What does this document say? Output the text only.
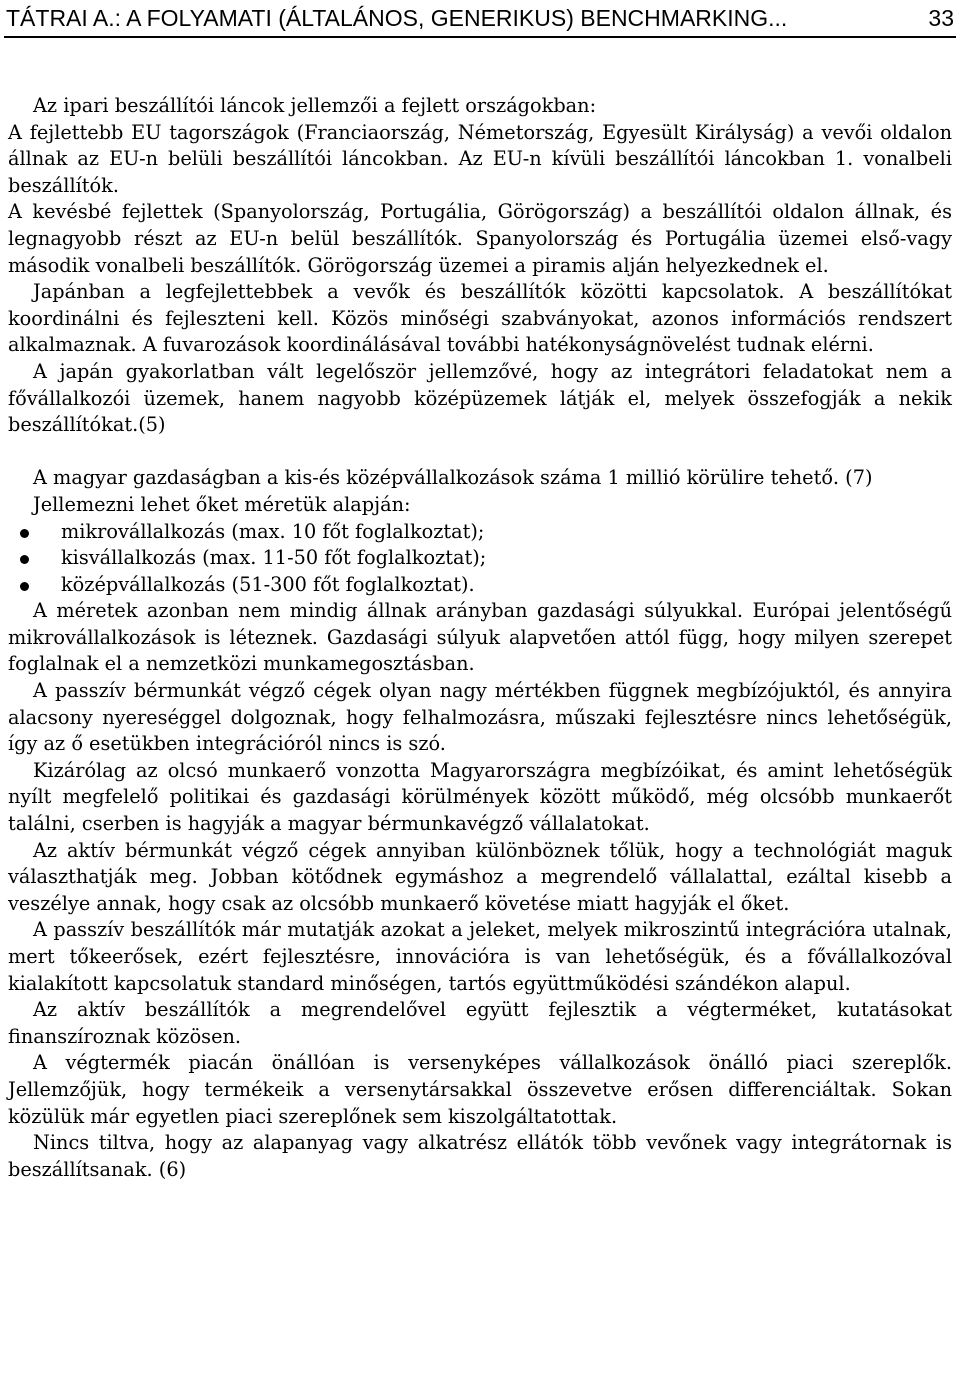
TÁTRAI A.: A FOLYAMATI (ÁLTALÁNOS, GENERIKUS) BENCHMARKING...	33

Az ipari beszállítói láncok jellemzői a fejlett országokban:

A fejlettebb EU tagországok (Franciaország, Németország, Egyesült Királyság) a vevői oldalon állnak az EU-n belüli beszállítói láncokban. Az EU-n kívüli beszállítói láncokban 1. vonalbeli beszállítók.

A kevésbé fejlettek (Spanyolország, Portugália, Görögország) a beszállítói oldalon állnak, és legnagyobb részt az EU-n belül beszállítók. Spanyolország és Portugália üzemei első-vagy második vonalbeli beszállítók. Görögország üzemei a piramis alján helyezkednek el.

Japánban a legfejlettebbek a vevők és beszállítók közötti kapcsolatok. A beszállítókat koordinálni és fejleszteni kell. Közös minőségi szabványokat, azonos információs rendszert alkalmaznak. A fuvarozások koordinálásával további hatékonyságnövelést tudnak elérni.

A japán gyakorlatban vált legelőször jellemzővé, hogy az integrátori feladatokat nem a fővállalkozói üzemek, hanem nagyobb középüzemek látják el, melyek összefogják a nekik beszállítókat.(5)

A magyar gazdaságban a kis-és középvállalkozások száma 1 millió körülire tehető. (7)

Jellemezni lehet őket méretük alapján:

mikrovállalkozás (max. 10 főt foglalkoztat);
kisvállalkozás (max. 11-50 főt foglalkoztat);
középvállalkozás (51-300 főt foglalkoztat).

A méretek azonban nem mindig állnak arányban gazdasági súlyukkal. Európai jelentőségű mikrovállalkozások is léteznek. Gazdasági súlyuk alapvetően attól függ, hogy milyen szerepet foglalnak el a nemzetközi munkamegosztásban.

A passzív bérmunkát végző cégek olyan nagy mértékben függnek megbízójuktól, és annyira alacsony nyereséggel dolgoznak, hogy felhalmozásra, műszaki fejlesztésre nincs lehetőségük, így az ő esetükben integrációról nincs is szó.

Kizárólag az olcsó munkaerő vonzotta Magyarországra megbízóikat, és amint lehetőségük nyílt megfelelő politikai és gazdasági körülmények között működő, még olcsóbb munkaerőt találni, cserben is hagyják a magyar bérmunkavégző vállalatokat.

Az aktív bérmunkát végző cégek annyiban különböznek tőlük, hogy a technológiát maguk választhatják meg. Jobban kötődnek egymáshoz a megrendelő vállalattal, ezáltal kisebb a veszélye annak, hogy csak az olcsóbb munkaerő követése miatt hagyják el őket.

A passzív beszállítók már mutatják azokat a jeleket, melyek mikroszintű integrációra utalnak, mert tőkeerősek, ezért fejlesztésre, innovációra is van lehetőségük, és a fővállalkozóval kialakított kapcsolatuk standard minőségen, tartós együttműködési szándékon alapul.

Az aktív beszállítók a megrendelővel együtt fejlesztik a végterméket, kutatásokat finanszíroznak közösen.

A végtermék piacán önállóan is versenyképes vállalkozások önálló piaci szereplők. Jellemzőjük, hogy termékeik a versenytársakkal összevetve erősen differenciáltak. Sokan közülük már egyetlen piaci szereplőnek sem kiszolgáltatottak.

Nincs tiltva, hogy az alapanyag vagy alkatrész ellátók több vevőnek vagy integrátornak is beszállítsanak. (6)
